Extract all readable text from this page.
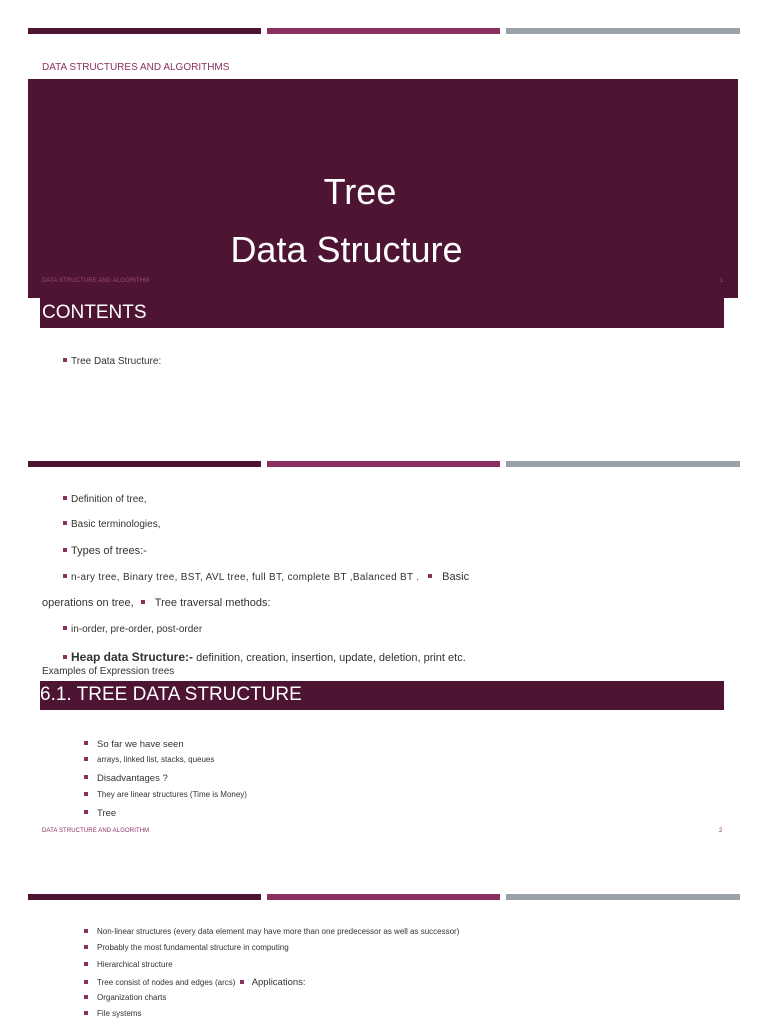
DATA STRUCTURES AND ALGORITHMS
Tree
Data Structure
DATA STRUCTURE AND ALGORITHM	1
CONTENTS
Tree Data Structure:
Definition of tree,
Basic terminologies,
Types of trees:-
n-ary tree, Binary tree, BST, AVL tree, full BT, complete BT ,Balanced BT . Basic
operations on tree, Tree traversal methods:
in-order, pre-order, post-order
Heap data Structure:- definition, creation, insertion, update, deletion, print etc.
Examples of Expression trees
6.1. TREE DATA STRUCTURE
So far we have seen
arrays, linked list, stacks, queues
Disadvantages ?
They are linear structures (Time is Money)
Tree
DATA STRUCTURE AND ALGORITHM	2
Non-linear structures (every data element may have more than one predecessor as well as successor)
Probably the most fundamental structure in computing
Hierarchical structure
Tree consist of nodes and edges (arcs) Applications:
Organization charts
File systems
